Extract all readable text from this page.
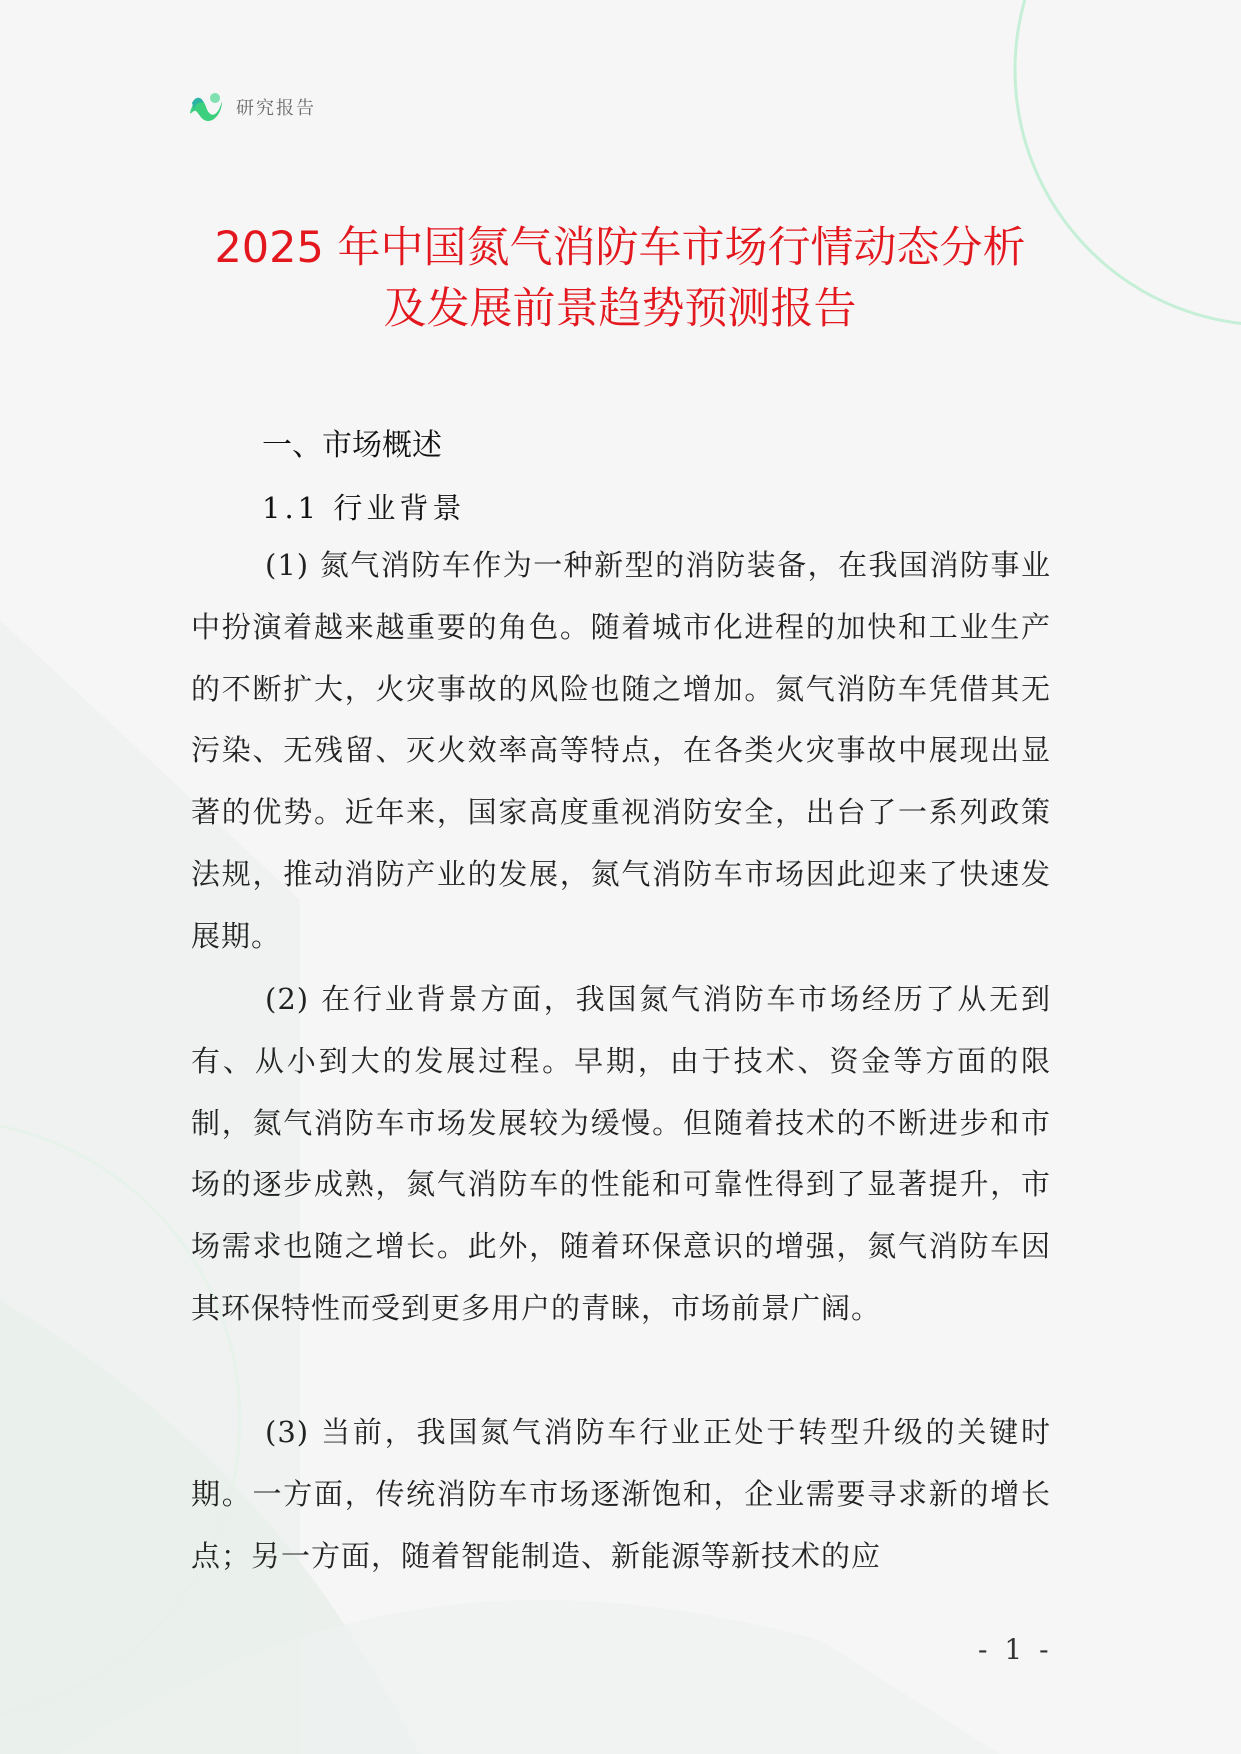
研究报告
2025 年中国氮气消防车市场行情动态分析
及发展前景趋势预测报告
一、市场概述
1.1 行业背景

(1) 氮气消防车作为一种新型的消防装备，在我国消防事业中扮演着越来越重要的角色。随着城市化进程的加快和工业生产的不断扩大，火灾事故的风险也随之增加。氮气消防车凭借其无污染、无残留、灭火效率高等特点，在各类火灾事故中展现出显著的优势。近年来，国家高度重视消防安全，出台了一系列政策法规，推动消防产业的发展，氮气消防车市场因此迎来了快速发展期。

(2) 在行业背景方面，我国氮气消防车市场经历了从无到有、从小到大的发展过程。早期，由于技术、资金等方面的限制，氮气消防车市场发展较为缓慢。但随着技术的不断进步和市场的逐步成熟，氮气消防车的性能和可靠性得到了显著提升，市场需求也随之增长。此外，随着环保意识的增强，氮气消防车因其环保特性而受到更多用户的青睐，市场前景广阔。

(3) 当前，我国氮气消防车行业正处于转型升级的关键时期。一方面，传统消防车市场逐渐饱和，企业需要寻求新的增长点；另一方面，随着智能制造、新能源等新技术的应

- 1 -
